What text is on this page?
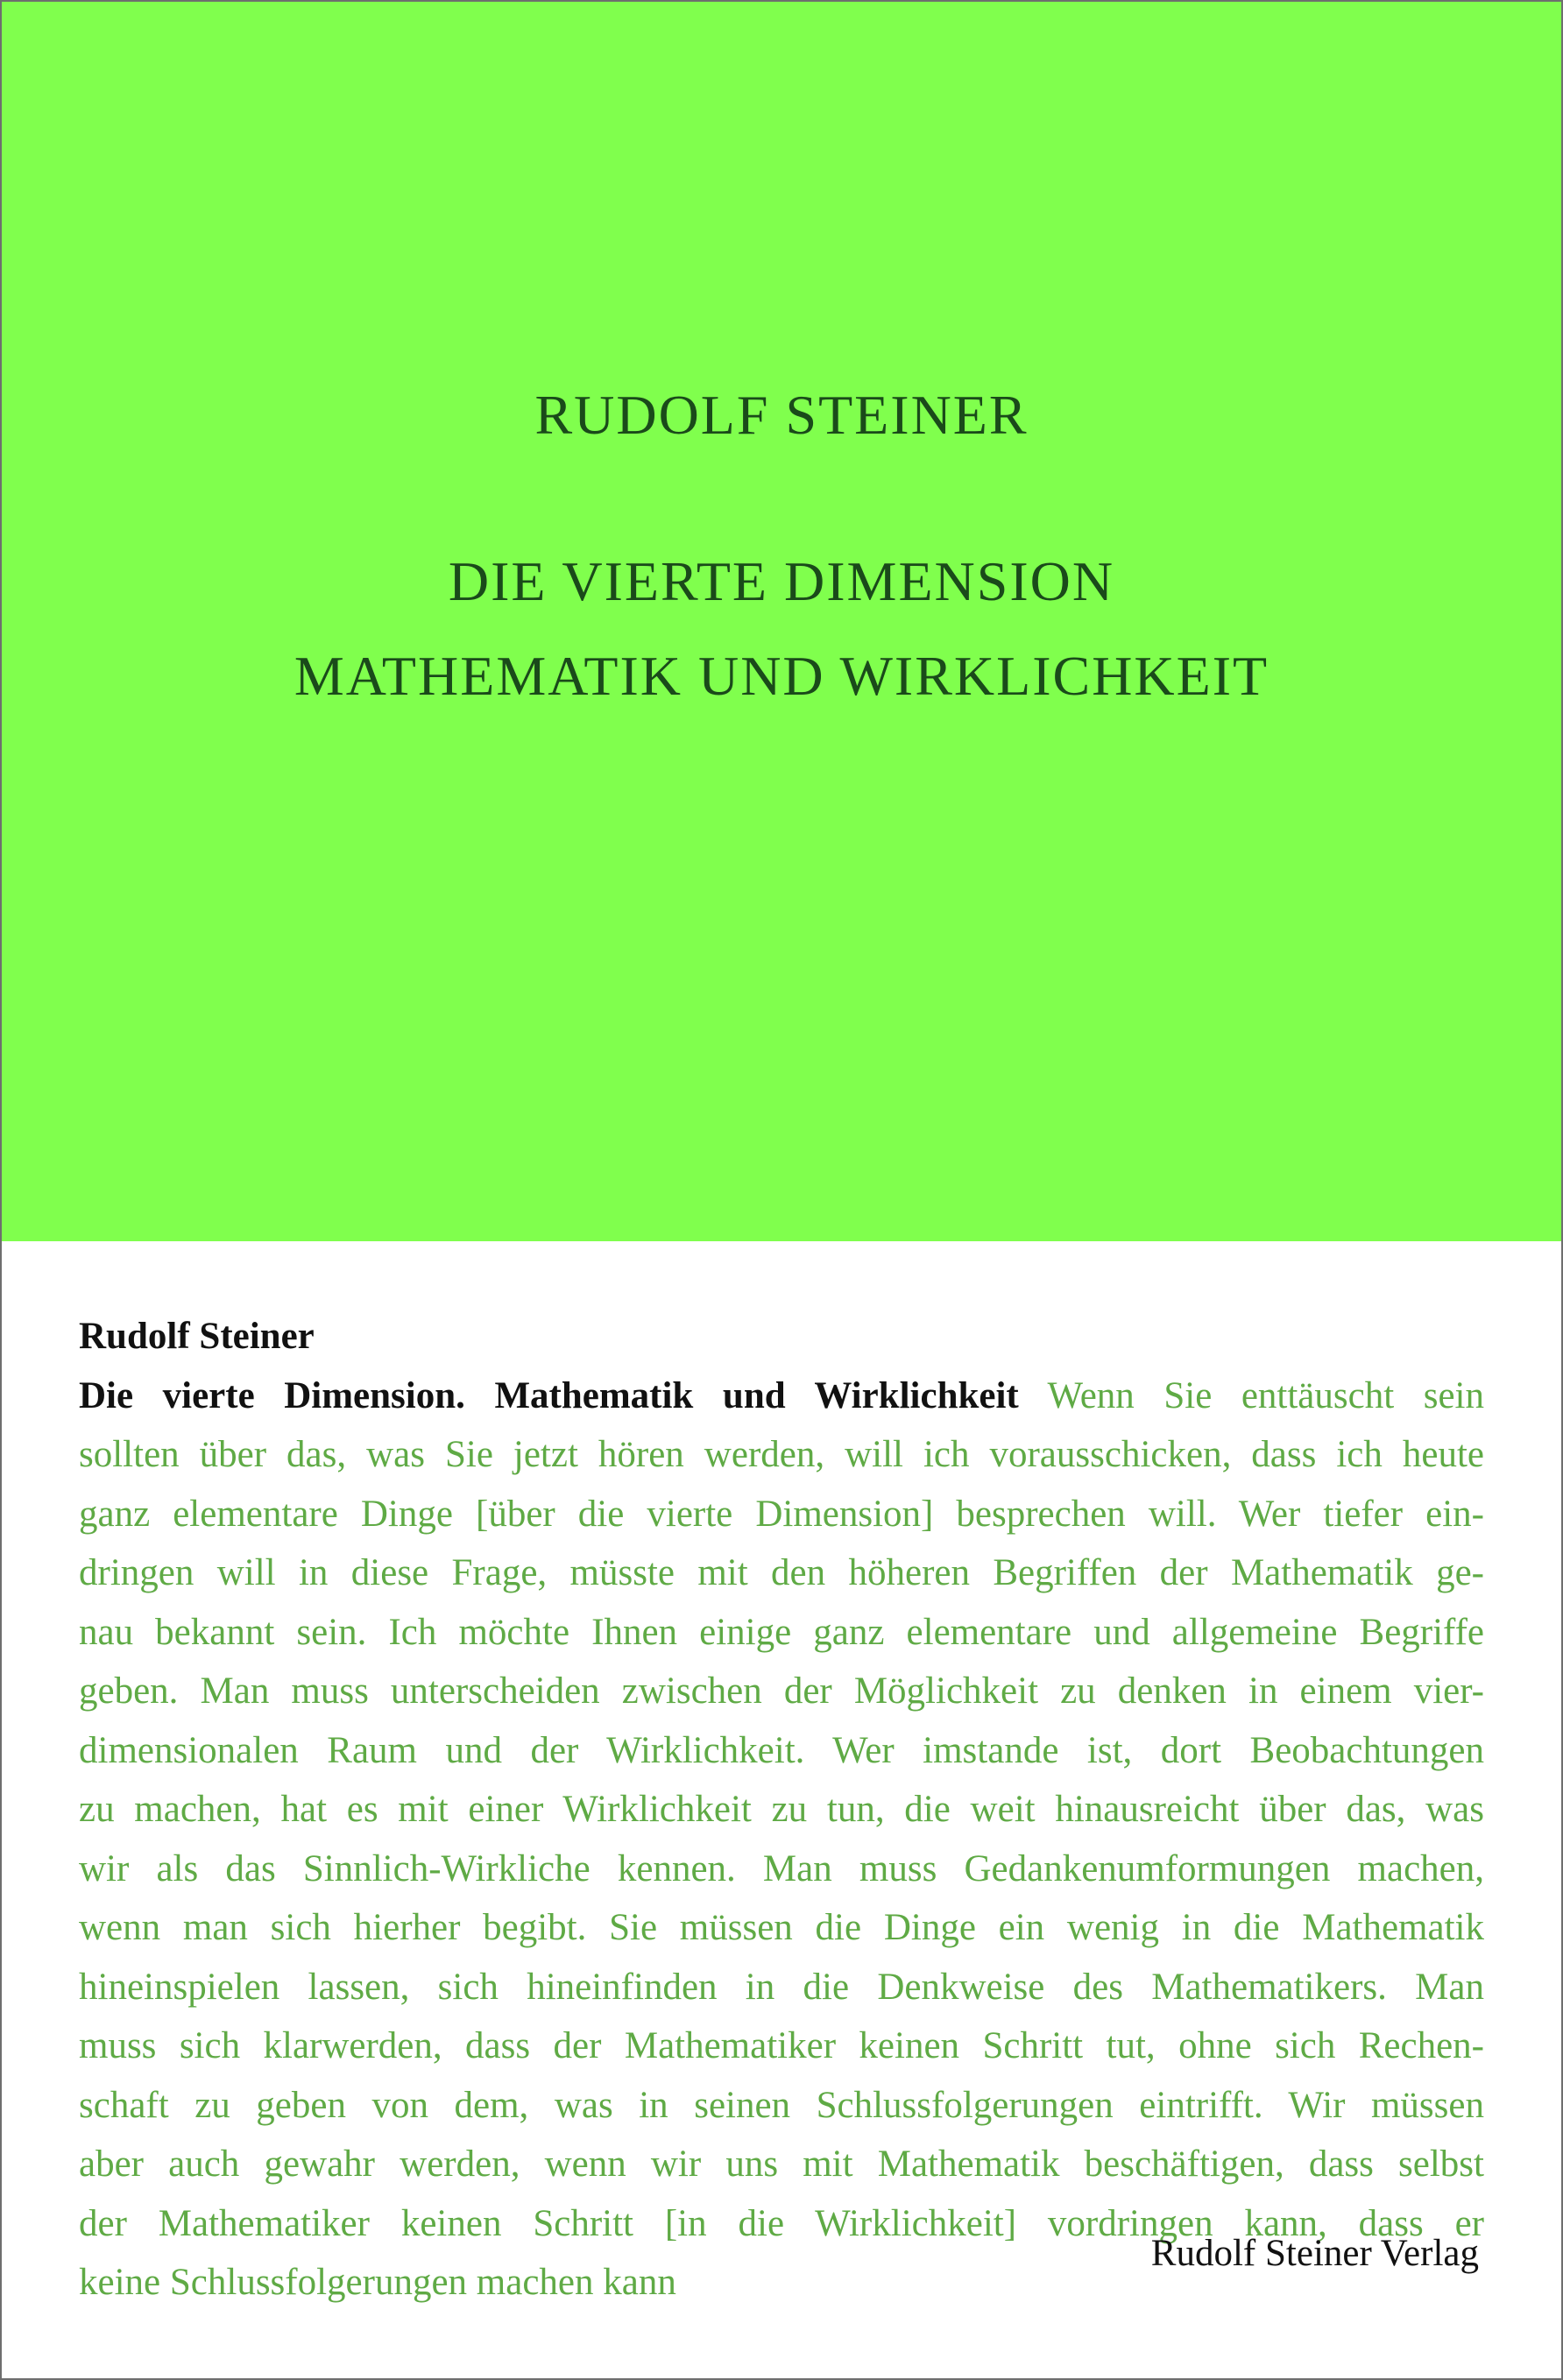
RUDOLF STEINER
DIE VIERTE DIMENSION
MATHEMATIK UND WIRKLICHKEIT
Rudolf Steiner
Die vierte Dimension. Mathematik und Wirklichkeit Wenn Sie enttäuscht sein
sollten über das, was Sie jetzt hören werden, will ich vorausschicken, dass ich heute
ganz elementare Dinge [über die vierte Dimension] besprechen will. Wer tiefer ein-
dringen will in diese Frage, müsste mit den höheren Begriffen der Mathematik ge-
nau bekannt sein. Ich möchte Ihnen einige ganz elementare und allgemeine Begriffe
geben. Man muss unterscheiden zwischen der Möglichkeit zu denken in einem vier-
dimensionalen Raum und der Wirklichkeit. Wer imstande ist, dort Beobachtungen
zu machen, hat es mit einer Wirklichkeit zu tun, die weit hinausreicht über das, was
wir als das Sinnlich-Wirkliche kennen. Man muss Gedankenumformungen machen,
wenn man sich hierher begibt. Sie müssen die Dinge ein wenig in die Mathematik
hineinspielen lassen, sich hineinfinden in die Denkweise des Mathematikers. Man
muss sich klarwerden, dass der Mathematiker keinen Schritt tut, ohne sich Rechen-
schaft zu geben von dem, was in seinen Schlussfolgerungen eintrifft. Wir müssen
aber auch gewahr werden, wenn wir uns mit Mathematik beschäftigen, dass selbst
der Mathematiker keinen Schritt [in die Wirklichkeit] vordringen kann, dass er
keine Schlussfolgerungen machen kann
Rudolf Steiner Verlag
